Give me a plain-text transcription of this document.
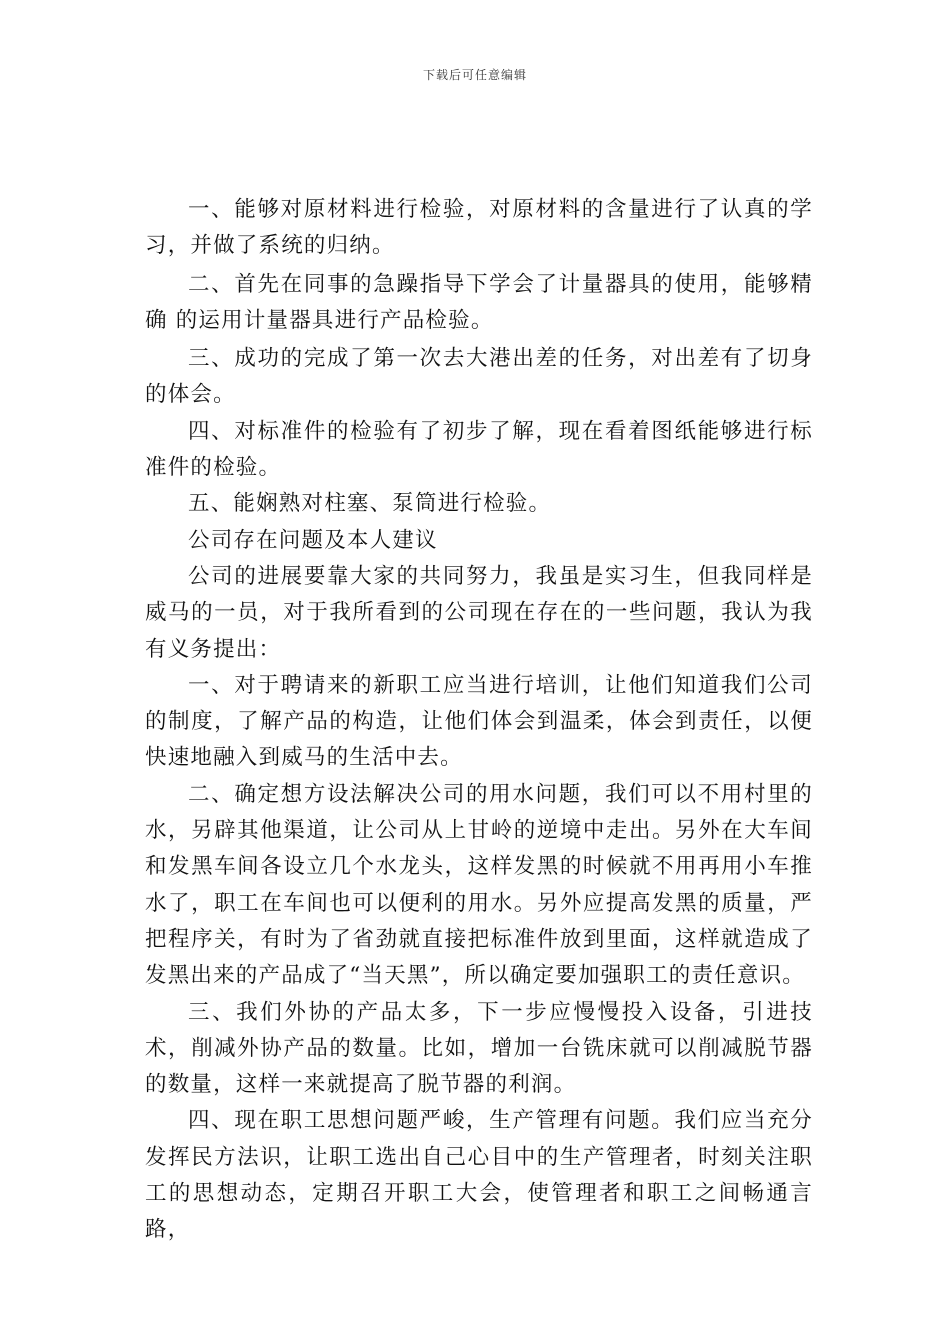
下载后可任意编辑

一、能够对原材料进行检验，对原材料的含量进行了认真的学习，并做了系统的归纳。

二、首先在同事的急躁指导下学会了计量器具的使用，能够精确 的运用计量器具进行产品检验。

三、成功的完成了第一次去大港出差的任务，对出差有了切身的体会。

四、对标准件的检验有了初步了解，现在看着图纸能够进行标准件的检验。

五、能娴熟对柱塞、泵筒进行检验。

公司存在问题及本人建议

公司的进展要靠大家的共同努力，我虽是实习生，但我同样是威马的一员，对于我所看到的公司现在存在的一些问题，我认为我有义务提出：

一、对于聘请来的新职工应当进行培训，让他们知道我们公司的制度，了解产品的构造，让他们体会到温柔，体会到责任，以便快速地融入到威马的生活中去。

二、确定想方设法解决公司的用水问题，我们可以不用村里的水，另辟其他渠道，让公司从上甘岭的逆境中走出。另外在大车间和发黑车间各设立几个水龙头，这样发黑的时候就不用再用小车推水了，职工在车间也可以便利的用水。另外应提高发黑的质量，严把程序关，有时为了省劲就直接把标准件放到里面，这样就造成了发黑出来的产品成了“当天黑”，所以确定要加强职工的责任意识。

三、我们外协的产品太多，下一步应慢慢投入设备，引进技术，削减外协产品的数量。比如，增加一台铣床就可以削减脱节器的数量，这样一来就提高了脱节器的利润。

四、现在职工思想问题严峻，生产管理有问题。我们应当充分发挥民方法识，让职工选出自己心目中的生产管理者，时刻关注职工的思想动态，定期召开职工大会，使管理者和职工之间畅通言路，
